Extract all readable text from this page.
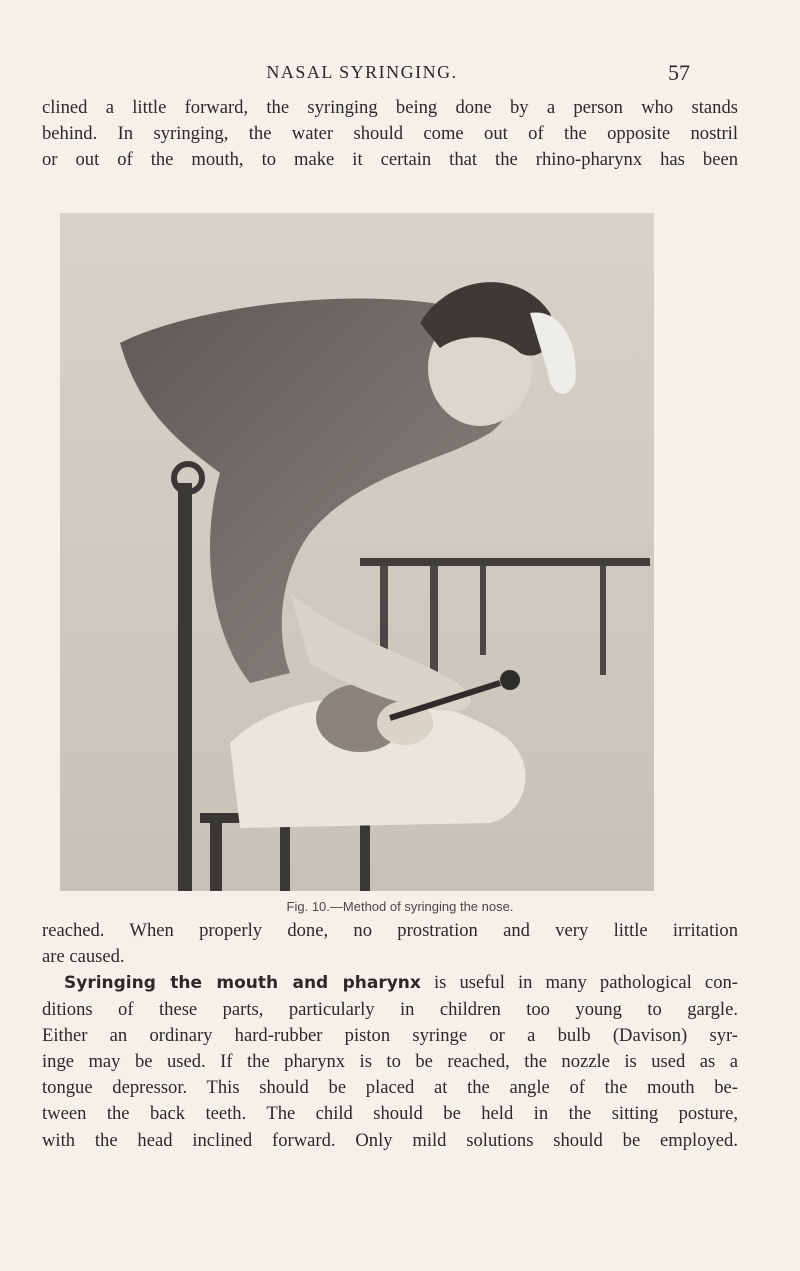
NASAL SYRINGING.	57

clined a little forward, the syringing being done by a person who stands
behind. In syringing, the water should come out of the opposite nostril
or out of the mouth, to make it certain that the rhino-pharynx has been

Fig. 10.—Method of syringing the nose.

reached. When properly done, no prostration and very little irritation
are caused.
Syringing the mouth and pharynx is useful in many pathological con-
ditions of these parts, particularly in children too young to gargle.
Either an ordinary hard-rubber piston syringe or a bulb (Davison) syr-
inge may be used. If the pharynx is to be reached, the nozzle is used as a
tongue depressor. This should be placed at the angle of the mouth be-
tween the back teeth. The child should be held in the sitting posture,
with the head inclined forward. Only mild solutions should be employed.
